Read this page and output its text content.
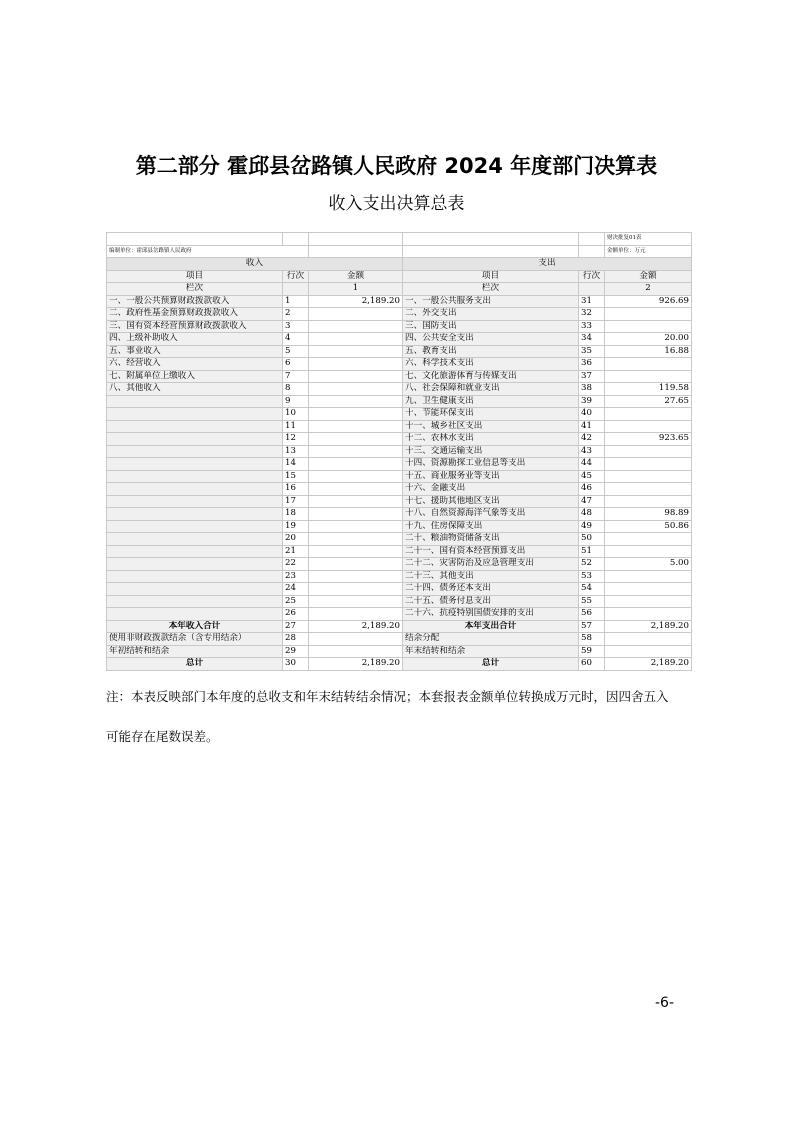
第二部分 霍邱县岔路镇人民政府 2024 年度部门决算表
收入支出决算总表
					财决批复01表
编制单位：霍邱县岔路镇人民政府					金额单位：万元
收入			支出		
项目	行次	金额	项目	行次	金额
栏次		1	栏次		2
一、一般公共预算财政拨款收入	1	2,189.20	一、一般公共服务支出	31	926.69
二、政府性基金预算财政拨款收入	2		二、外交支出	32	
三、国有资本经营预算财政拨款收入	3		三、国防支出	33	
四、上级补助收入	4		四、公共安全支出	34	20.00
五、事业收入	5		五、教育支出	35	16.88
六、经营收入	6		六、科学技术支出	36	
七、附属单位上缴收入	7		七、文化旅游体育与传媒支出	37	
八、其他收入	8		八、社会保障和就业支出	38	119.58
	9		九、卫生健康支出	39	27.65
	10		十、节能环保支出	40	
	11		十一、城乡社区支出	41	
	12		十二、农林水支出	42	923.65
	13		十三、交通运输支出	43	
	14		十四、资源勘探工业信息等支出	44	
	15		十五、商业服务业等支出	45	
	16		十六、金融支出	46	
	17		十七、援助其他地区支出	47	
	18		十八、自然资源海洋气象等支出	48	98.89
	19		十九、住房保障支出	49	50.86
	20		二十、粮油物资储备支出	50	
	21		二十一、国有资本经营预算支出	51	
	22		二十二、灾害防治及应急管理支出	52	5.00
	23		二十三、其他支出	53	
	24		二十四、债务还本支出	54	
	25		二十五、债务付息支出	55	
	26		二十六、抗疫特别国债安排的支出	56	
本年收入合计	27	2,189.20	本年支出合计	57	2,189.20
使用非财政拨款结余（含专用结余）	28		结余分配	58	
年初结转和结余	29		年末结转和结余	59	
总计	30	2,189.20	总计	60	2,189.20
注：本表反映部门本年度的总收支和年末结转结余情况；本套报表金额单位转换成万元时，因四舍五入
可能存在尾数误差。
-6-
